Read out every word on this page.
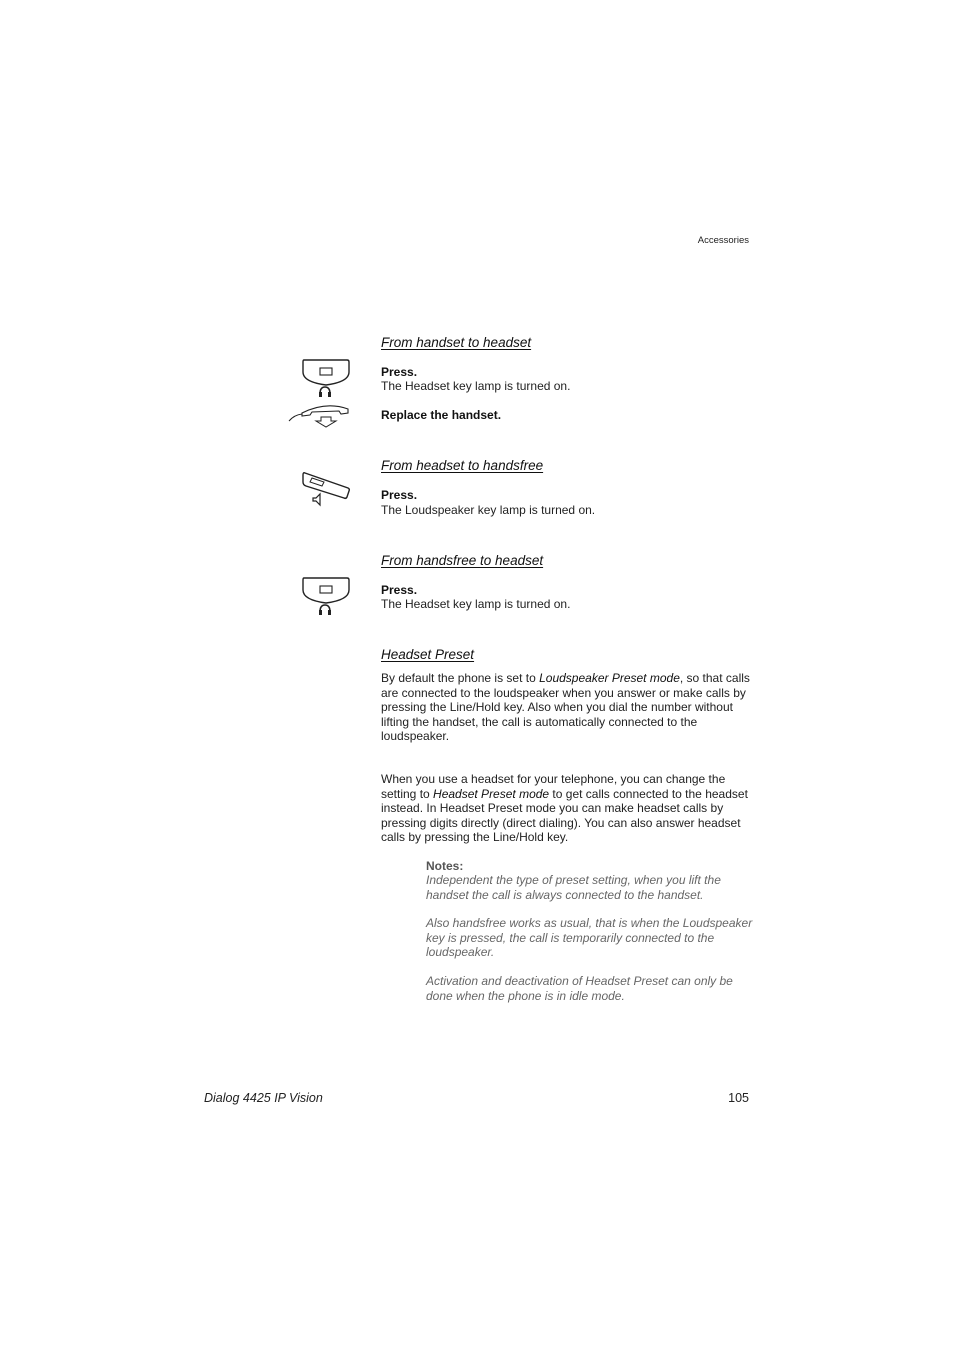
Accessories
From handset to headset
Press.
The Headset key lamp is turned on.
Replace the handset.
From headset to handsfree
Press.
The Loudspeaker key lamp is turned on.
From handsfree to headset
Press.
The Headset key lamp is turned on.
Headset Preset

By default the phone is set to Loudspeaker Preset mode, so that calls are connected to the loudspeaker when you answer or make calls by pressing the Line/Hold key. Also when you dial the number without lifting the handset, the call is automatically connected to the loudspeaker.

When you use a headset for your telephone, you can change the setting to Headset Preset mode to get calls connected to the headset instead. In Headset Preset mode you can make headset calls by pressing digits directly (direct dialing). You can also answer headset calls by pressing the Line/Hold key.

Notes:

Independent the type of preset setting, when you lift the handset the call is always connected to the handset.

Also handsfree works as usual, that is when the Loudspeaker key is pressed, the call is temporarily connected to the loudspeaker.

Activation and deactivation of Headset Preset can only be done when the phone is in idle mode.

Dialog 4425 IP Vision	105
